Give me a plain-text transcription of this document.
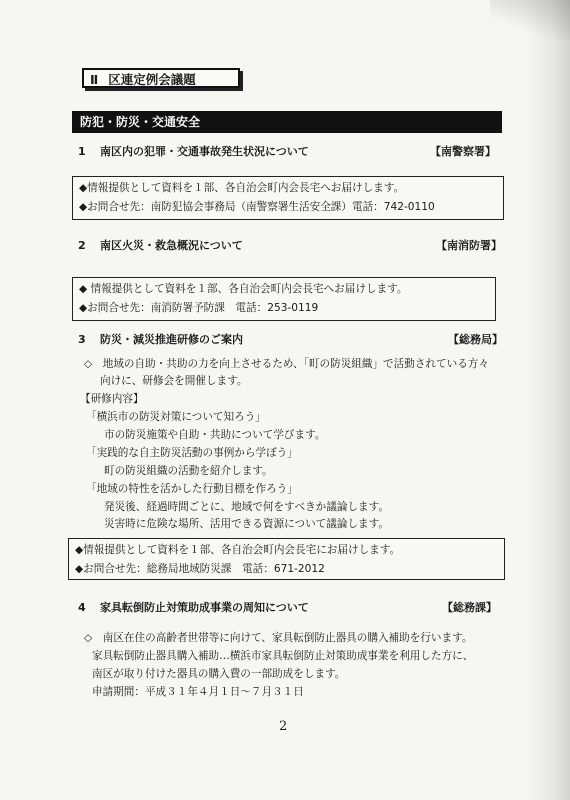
Ⅱ 区連定例会議題
防犯・防災・交通安全
1 南区内の犯罪・交通事故発生状況について	【南警察署】
◆情報提供として資料を１部、各自治会町内会長宅へお届けします。
◆お問合せ先：南防犯協会事務局（南警察署生活安全課）電話：742-0110
2 南区火災・救急概況について	【南消防署】
◆ 情報提供として資料を１部、各自治会町内会長宅へお届けします。
◆お問合せ先：南消防署予防課　電話：253-0119
3 防災・減災推進研修のご案内	【総務局】
◇　地域の自助・共助の力を向上させるため、「町の防災組織」で活動されている方々
向けに、研修会を開催します。
【研修内容】
「横浜市の防災対策について知ろう」
市の防災施策や自助・共助について学びます。
「実践的な自主防災活動の事例から学ぼう」
町の防災組織の活動を紹介します。
「地域の特性を活かした行動目標を作ろう」
発災後、経過時間ごとに、地域で何をすべきか議論します。
災害時に危険な場所、活用できる資源について議論します。
◆情報提供として資料を１部、各自治会町内会長宅にお届けします。
◆お問合せ先：総務局地域防災課　電話：671-2012
4 家具転倒防止対策助成事業の周知について	【総務課】
◇　南区在住の高齢者世帯等に向けて、家具転倒防止器具の購入補助を行います。
家具転倒防止器具購入補助…横浜市家具転倒防止対策助成事業を利用した方に、
南区が取り付けた器具の購入費の一部助成をします。
申請期間：平成３１年４月１日～７月３１日
2
